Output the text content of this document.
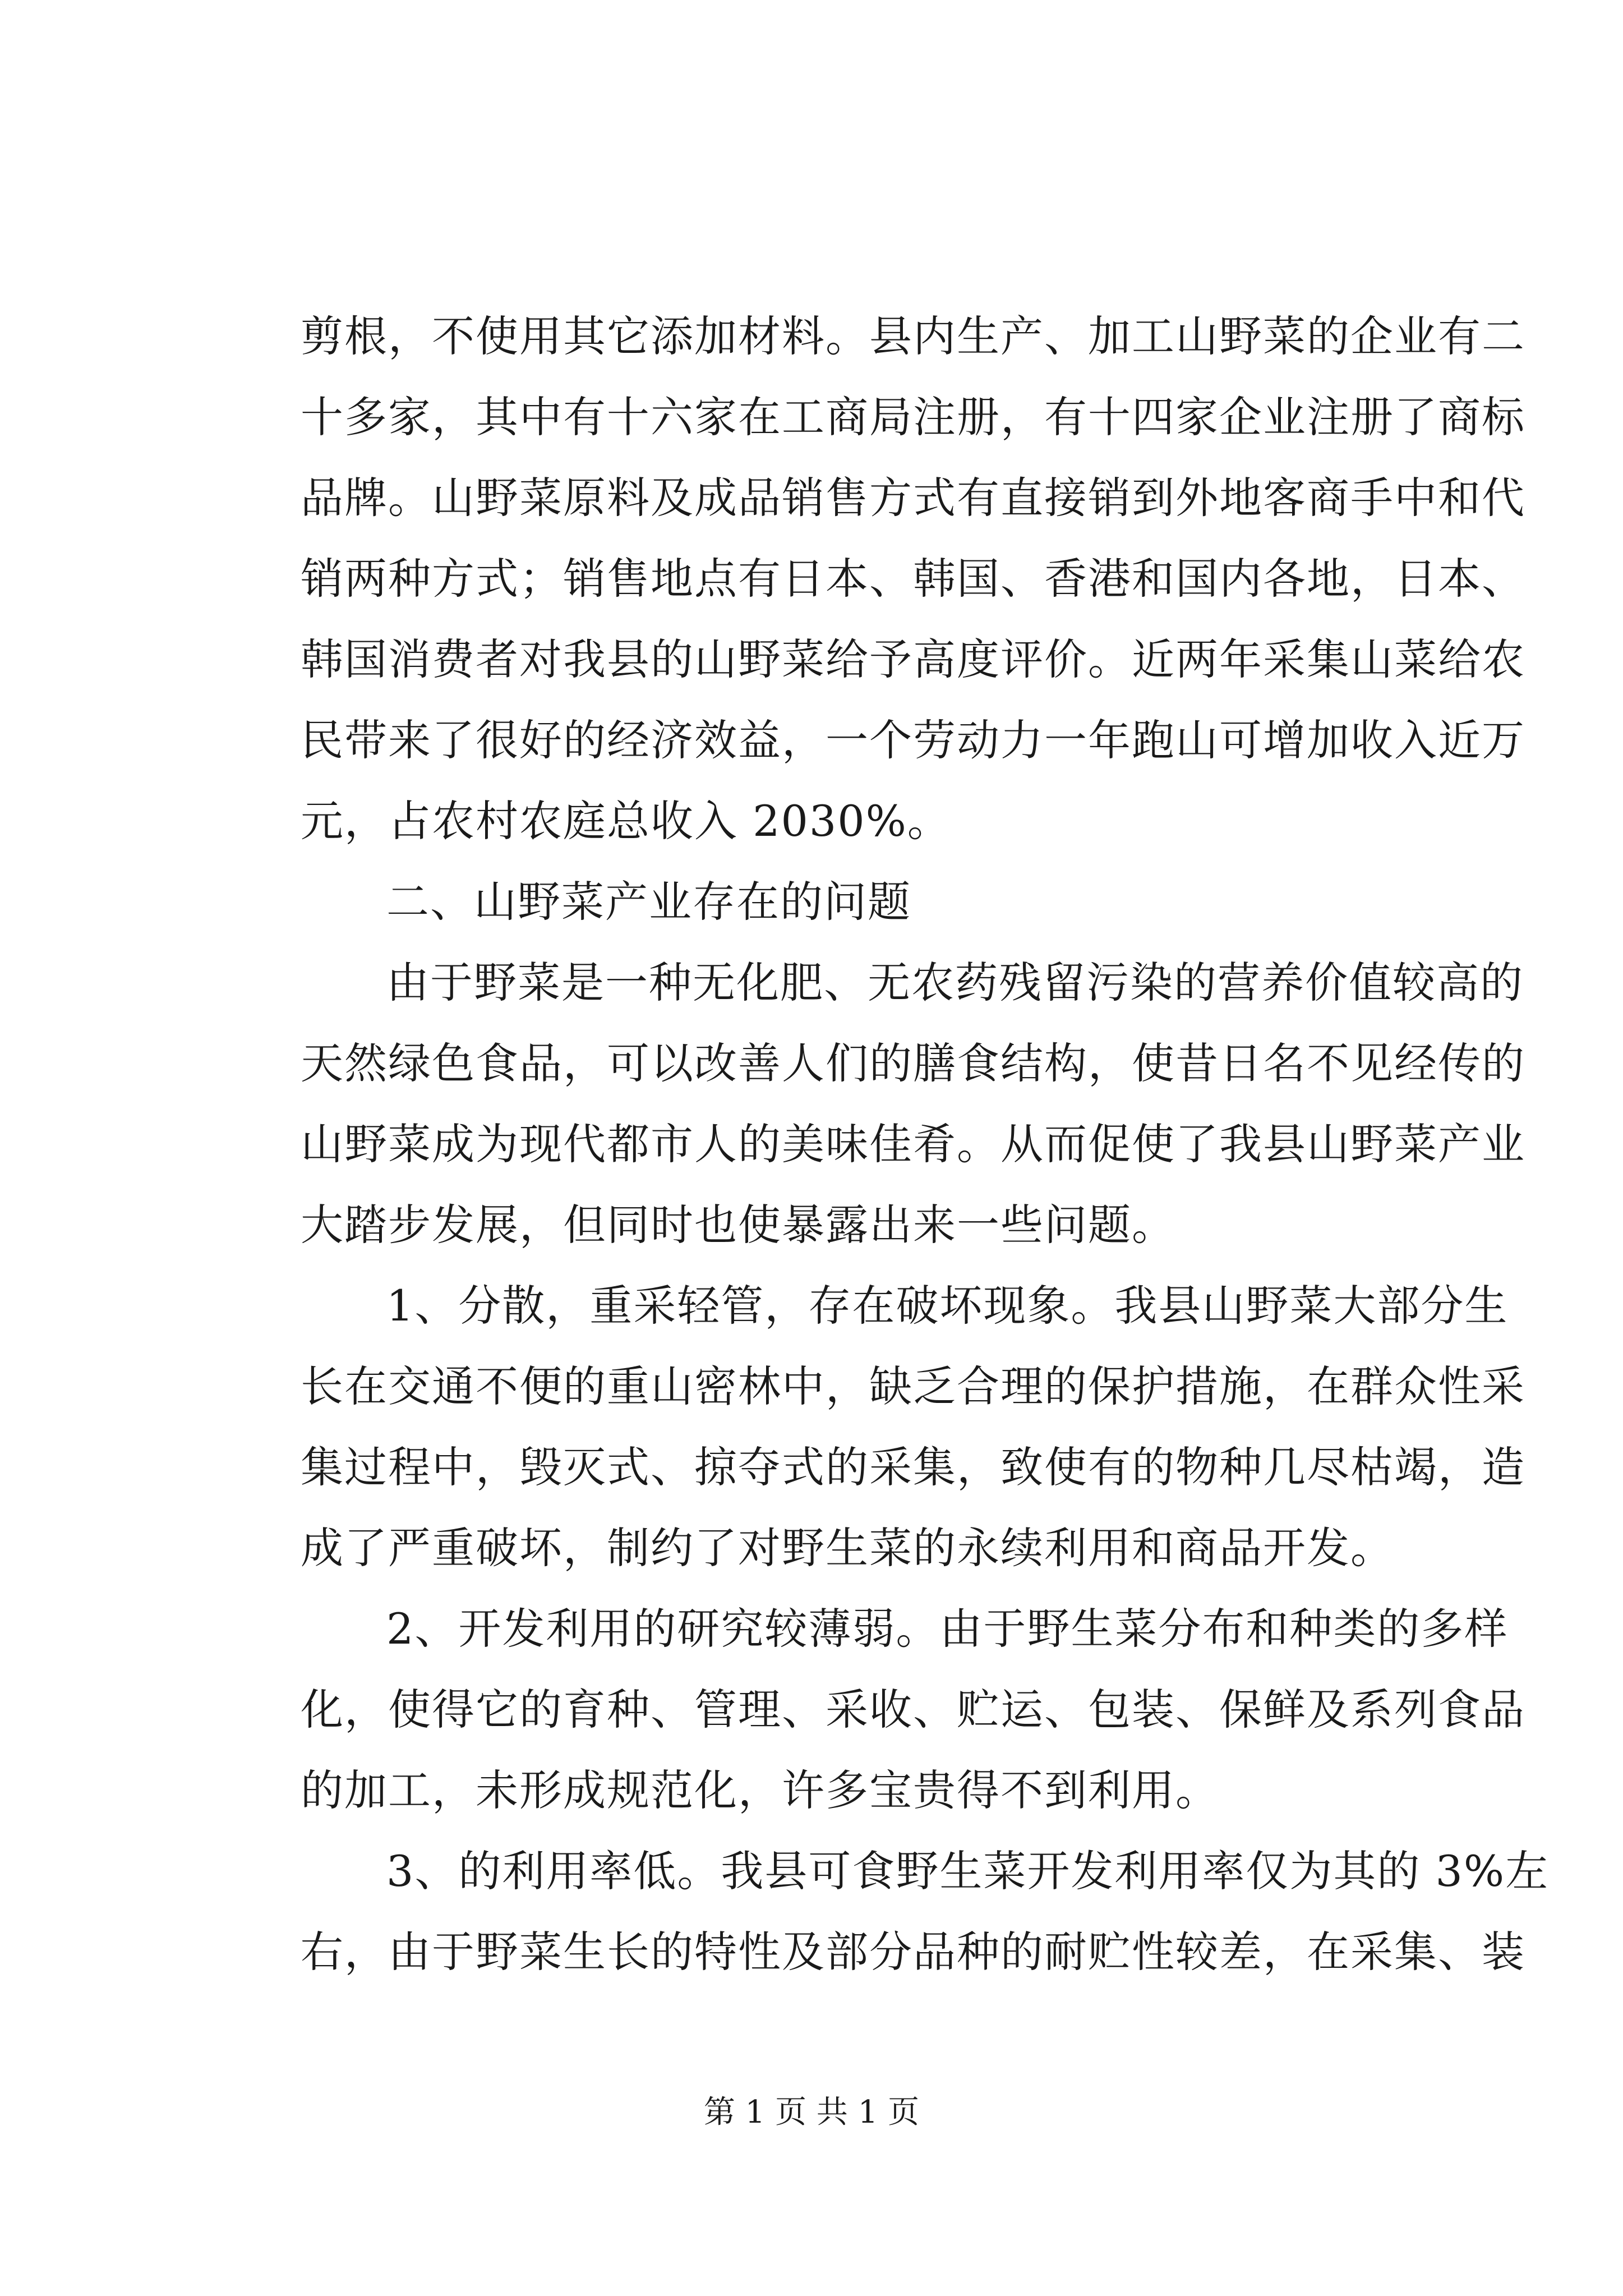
剪根，不使用其它添加材料。县内生产、加工山野菜的企业有二
十多家，其中有十六家在工商局注册，有十四家企业注册了商标
品牌。山野菜原料及成品销售方式有直接销到外地客商手中和代
销两种方式；销售地点有日本、韩国、香港和国内各地，日本、
韩国消费者对我县的山野菜给予高度评价。近两年采集山菜给农
民带来了很好的经济效益，一个劳动力一年跑山可增加收入近万
元，占农村农庭总收入 2030%。
二、山野菜产业存在的问题
由于野菜是一种无化肥、无农药残留污染的营养价值较高的
天然绿色食品，可以改善人们的膳食结构，使昔日名不见经传的
山野菜成为现代都市人的美味佳肴。从而促使了我县山野菜产业
大踏步发展，但同时也使暴露出来一些问题。
1、分散，重采轻管，存在破坏现象。我县山野菜大部分生
长在交通不便的重山密林中，缺乏合理的保护措施，在群众性采
集过程中，毁灭式、掠夺式的采集，致使有的物种几尽枯竭，造
成了严重破坏，制约了对野生菜的永续利用和商品开发。
2、开发利用的研究较薄弱。由于野生菜分布和种类的多样
化，使得它的育种、管理、采收、贮运、包装、保鲜及系列食品
的加工，未形成规范化，许多宝贵得不到利用。
3、的利用率低。我县可食野生菜开发利用率仅为其的 3%左
右，由于野菜生长的特性及部分品种的耐贮性较差，在采集、装
第 1 页 共 1 页
